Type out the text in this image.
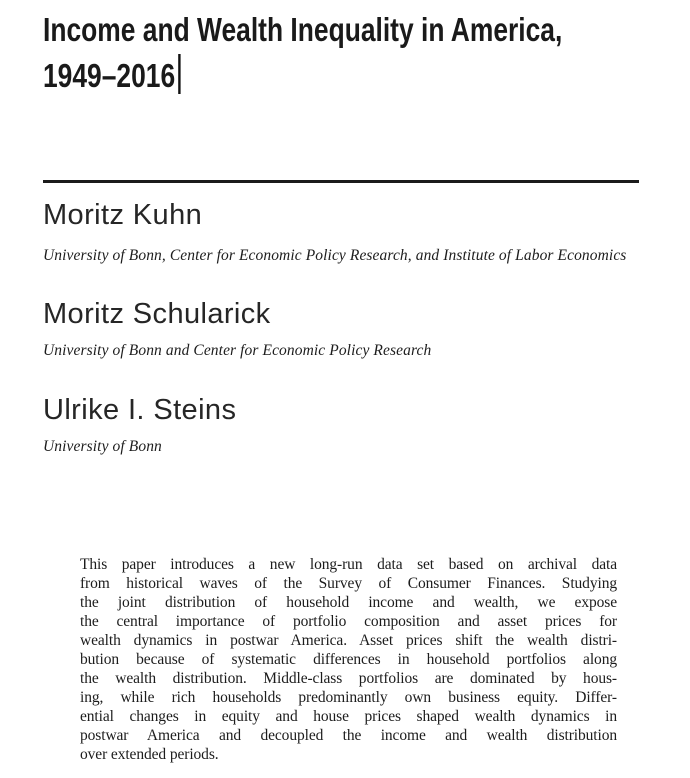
Income and Wealth Inequality in America,
1949–2016
Moritz Kuhn
University of Bonn, Center for Economic Policy Research, and Institute of Labor Economics
Moritz Schularick
University of Bonn and Center for Economic Policy Research
Ulrike I. Steins
University of Bonn
This paper introduces a new long-run data set based on archival data
from historical waves of the Survey of Consumer Finances. Studying
the joint distribution of household income and wealth, we expose
the central importance of portfolio composition and asset prices for
wealth dynamics in postwar America. Asset prices shift the wealth distri-
bution because of systematic differences in household portfolios along
the wealth distribution. Middle-class portfolios are dominated by hous-
ing, while rich households predominantly own business equity. Differ-
ential changes in equity and house prices shaped wealth dynamics in
postwar America and decoupled the income and wealth distribution
over extended periods.
